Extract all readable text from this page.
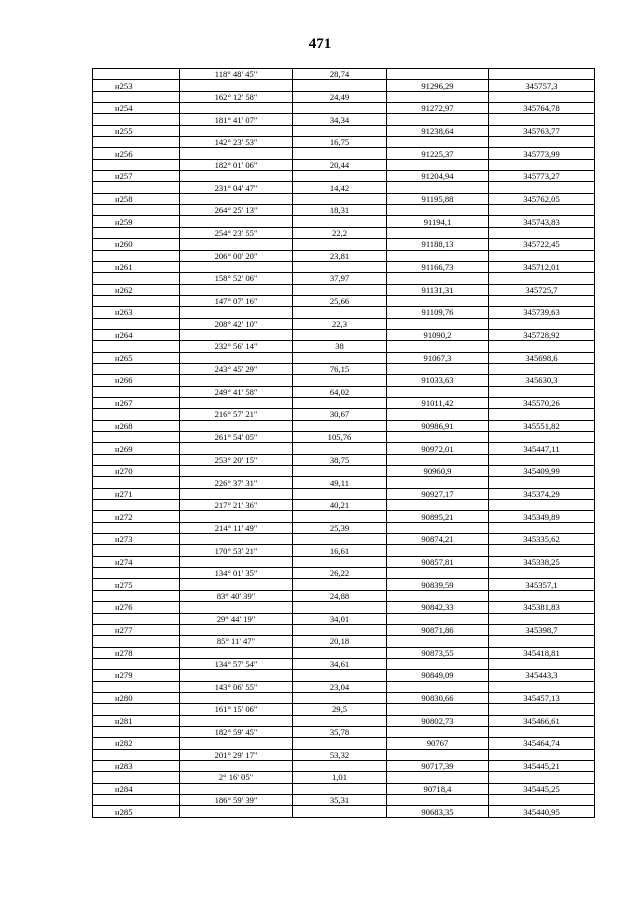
471
	118° 48' 45"	28,74		
н253			91296,29	345757,3
	162° 12' 58"	24,49		
н254			91272,97	345764,78
	181° 41' 07"	34,34		
н255			91238,64	345763,77
	142° 23' 53"	16,75		
н256			91225,37	345773,99
	182° 01' 06"	20,44		
н257			91204,94	345773,27
	231° 04' 47"	14,42		
н258			91195,88	345762,05
	264° 25' 13"	18,31		
н259			91194,1	345743,83
	254° 23' 55"	22,2		
н260			91188,13	345722,45
	206° 00' 20"	23,81		
н261			91166,73	345712,01
	158° 52' 06"	37,97		
н262			91131,31	345725,7
	147° 07' 16"	25,66		
н263			91109,76	345739,63
	208° 42' 10"	22,3		
н264			91090,2	345728,92
	232° 56' 14"	38		
н265			91067,3	345698,6
	243° 45' 29"	76,15		
н266			91033,63	345630,3
	249° 41' 58"	64,02		
н267			91011,42	345570,26
	216° 57' 21"	30,67		
н268			90986,91	345551,82
	261° 54' 05"	105,76		
н269			90972,01	345447,11
	253° 20' 15"	38,75		
н270			90960,9	345409,99
	226° 37' 31"	49,11		
н271			90927,17	345374,29
	217° 21' 36"	40,21		
н272			90895,21	345349,89
	214° 11' 49"	25,39		
н273			90874,21	345335,62
	170° 53' 21"	16,61		
н274			90857,81	345338,25
	134° 01' 35"	26,22		
н275			90839,59	345357,1
	83° 40' 39"	24,88		
н276			90842,33	345381,83
	29° 44' 19"	34,01		
н277			90871,86	345398,7
	85° 11' 47"	20,18		
н278			90873,55	345418,81
	134° 57' 54"	34,61		
н279			90849,09	345443,3
	143° 06' 55"	23,04		
н280			90830,66	345457,13
	161° 15' 06"	29,5		
н281			90802,73	345466,61
	182° 59' 45"	35,78		
н282			90767	345464,74
	201° 29' 17"	53,32		
н283			90717,39	345445,21
	2° 16' 05"	1,01		
н284			90718,4	345445,25
	186° 59' 39"	35,31		
н285			90683,35	345440,95
